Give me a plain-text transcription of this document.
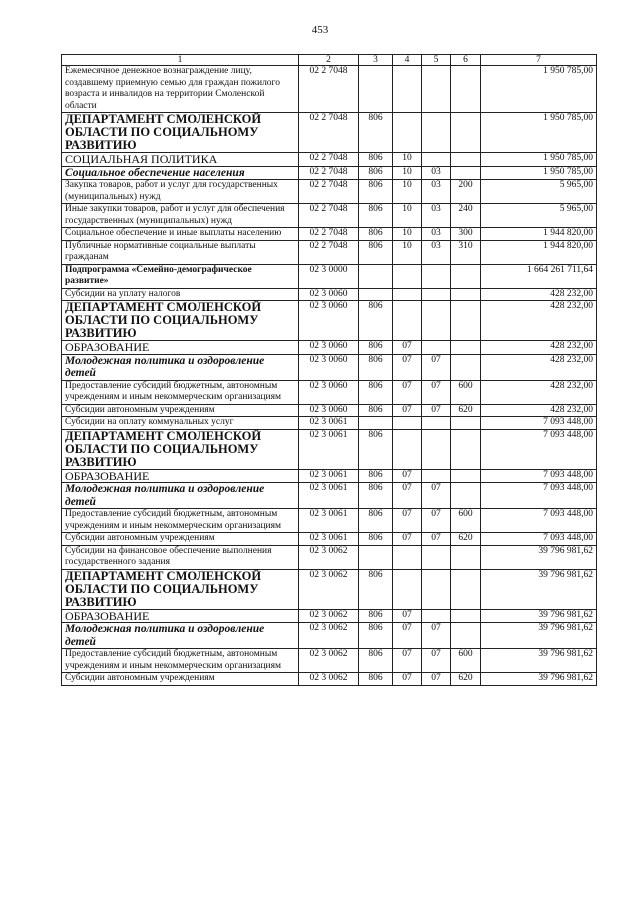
453
1	2	3	4	5	6	7
Ежемесячное денежное вознаграждение лицу, создавшему приемную семью для граждан пожилого возраста и инвалидов на территории Смоленской области	02 2 7048					1 950 785,00
ДЕПАРТАМЕНТ СМОЛЕНСКОЙ ОБЛАСТИ ПО СОЦИАЛЬНОМУ РАЗВИТИЮ	02 2 7048	806				1 950 785,00
СОЦИАЛЬНАЯ ПОЛИТИКА	02 2 7048	806	10			1 950 785,00
Социальное обеспечение населения	02 2 7048	806	10	03		1 950 785,00
Закупка товаров, работ и услуг для государственных (муниципальных) нужд	02 2 7048	806	10	03	200	5 965,00
Иные закупки товаров, работ и услуг для обеспечения государственных (муниципальных) нужд	02 2 7048	806	10	03	240	5 965,00
Социальное обеспечение и иные выплаты населению	02 2 7048	806	10	03	300	1 944 820,00
Публичные нормативные социальные выплаты гражданам	02 2 7048	806	10	03	310	1 944 820,00
Подпрограмма «Семейно-демографическое развитие»	02 3 0000					1 664 261 711,64
Субсидии на уплату налогов	02 3 0060					428 232,00
ДЕПАРТАМЕНТ СМОЛЕНСКОЙ ОБЛАСТИ ПО СОЦИАЛЬНОМУ РАЗВИТИЮ	02 3 0060	806				428 232,00
ОБРАЗОВАНИЕ	02 3 0060	806	07			428 232,00
Молодежная политика и оздоровление детей	02 3 0060	806	07	07		428 232,00
Предоставление субсидий бюджетным, автономным учреждениям и иным некоммерческим организациям	02 3 0060	806	07	07	600	428 232,00
Субсидии автономным учреждениям	02 3 0060	806	07	07	620	428 232,00
Субсидии на оплату коммунальных услуг	02 3 0061					7 093 448,00
ДЕПАРТАМЕНТ СМОЛЕНСКОЙ ОБЛАСТИ ПО СОЦИАЛЬНОМУ РАЗВИТИЮ	02 3 0061	806				7 093 448,00
ОБРАЗОВАНИЕ	02 3 0061	806	07			7 093 448,00
Молодежная политика и оздоровление детей	02 3 0061	806	07	07		7 093 448,00
Предоставление субсидий бюджетным, автономным учреждениям и иным некоммерческим организациям	02 3 0061	806	07	07	600	7 093 448,00
Субсидии автономным учреждениям	02 3 0061	806	07	07	620	7 093 448,00
Субсидии на финансовое обеспечение выполнения государственного задания	02 3 0062					39 796 981,62
ДЕПАРТАМЕНТ СМОЛЕНСКОЙ ОБЛАСТИ ПО СОЦИАЛЬНОМУ РАЗВИТИЮ	02 3 0062	806				39 796 981,62
ОБРАЗОВАНИЕ	02 3 0062	806	07			39 796 981,62
Молодежная политика и оздоровление детей	02 3 0062	806	07	07		39 796 981,62
Предоставление субсидий бюджетным, автономным учреждениям и иным некоммерческим организациям	02 3 0062	806	07	07	600	39 796 981,62
Субсидии автономным учреждениям	02 3 0062	806	07	07	620	39 796 981,62
